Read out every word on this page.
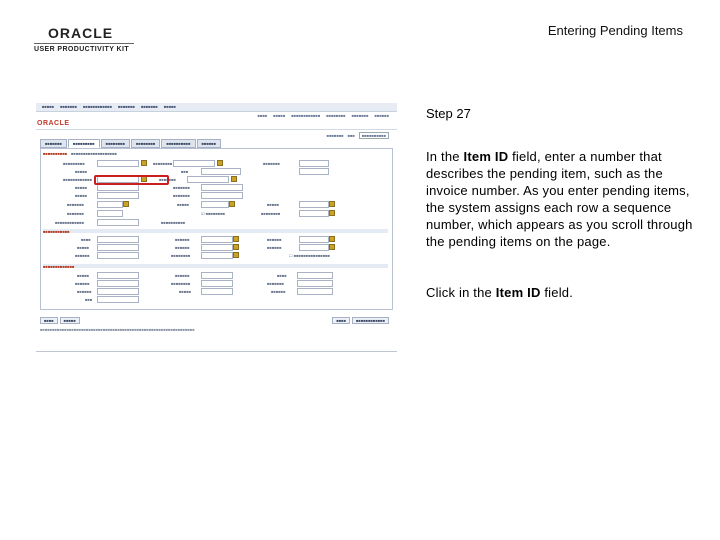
ORACLE
USER PRODUCTIVITY KIT
Entering Pending Items
■■■■■ ■■■■■■■ ■■■■■■■■■■■■ ■■■■■■■ ■■■■■■■ ■■■■■
ORACLE
■■■■ ■■■■■ ■■■■■■■■■■■■ ■■■■■■■■ ■■■■■■■ ■■■■■■
■■■■■■■ ■■■ ■■■■■■■■■■
■■■■■■■	■■■■■■■■■	■■■■■■■■	■■■■■■■■	■■■■■■■■■■	■■■■■■
■■■■■■■■■■ ■■■■■■■■■■■■■■■■■■■
■■■■■■■■■	■■■■■■■■	■■■■■■■
■■■■■	■■■
■■■■■■■■■■■■	■■■■■■■
■■■■■	■■■■■■■
■■■■■	■■■■■■■
■■■■■■■	■■■■■	■■■■■
■■■■■■■	☑ ■■■■■■■■	■■■■■■■■
■■■■■■■■■■■■	■■■■■■■■■■
■■■■■■■■■■■
■■■■	■■■■■■	■■■■■■
■■■■■	■■■■■■	■■■■■■
■■■■■■	■■■■■■■■	☐ ■■■■■■■■■■■■■■■
■■■■■■■■■■■■■
■■■■■	■■■■■■	■■■■
■■■■■■	■■■■■■■■	■■■■■■■
■■■■■■	■■■■■	■■■■■■
■■■
■■■■	■■■■■	■■■■	■■■■■■■■■■■■
■■■■■■■■■■■■■■■■■■■■■■■■■■■■■■■■■■■■■■■■■■■■■■■■■■■■■■■■■■■■■■■■
Step 27
In the Item ID field, enter a number that describes the pending item, such as the invoice number. As you enter pending items, the system assigns each row a sequence number, which appears as you scroll through the pending items on the page.
Click in the Item ID field.
